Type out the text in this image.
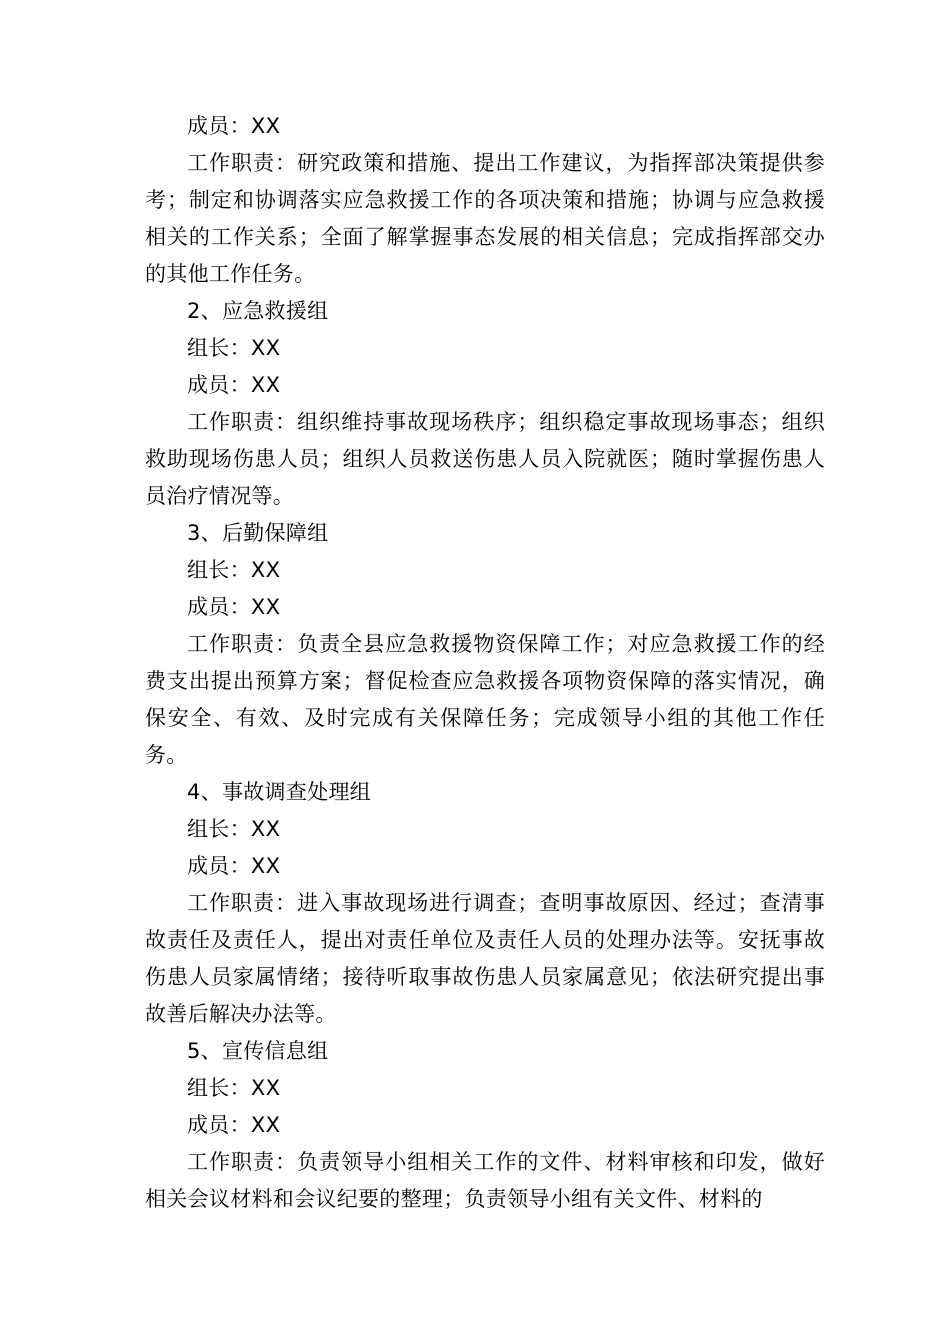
成员：XX

工作职责：研究政策和措施、提出工作建议，为指挥部决策提供参考；制定和协调落实应急救援工作的各项决策和措施；协调与应急救援相关的工作关系；全面了解掌握事态发展的相关信息；完成指挥部交办的其他工作任务。

2、应急救援组

组长：XX

成员：XX

工作职责：组织维持事故现场秩序；组织稳定事故现场事态；组织救助现场伤患人员；组织人员救送伤患人员入院就医；随时掌握伤患人员治疗情况等。

3、后勤保障组

组长：XX

成员：XX

工作职责：负责全县应急救援物资保障工作；对应急救援工作的经费支出提出预算方案；督促检查应急救援各项物资保障的落实情况，确保安全、有效、及时完成有关保障任务；完成领导小组的其他工作任务。

4、事故调查处理组

组长：XX

成员：XX

工作职责：进入事故现场进行调查；查明事故原因、经过；查清事故责任及责任人，提出对责任单位及责任人员的处理办法等。安抚事故伤患人员家属情绪；接待听取事故伤患人员家属意见；依法研究提出事故善后解决办法等。

5、宣传信息组

组长：XX

成员：XX

工作职责：负责领导小组相关工作的文件、材料审核和印发，做好相关会议材料和会议纪要的整理；负责领导小组有关文件、材料的
